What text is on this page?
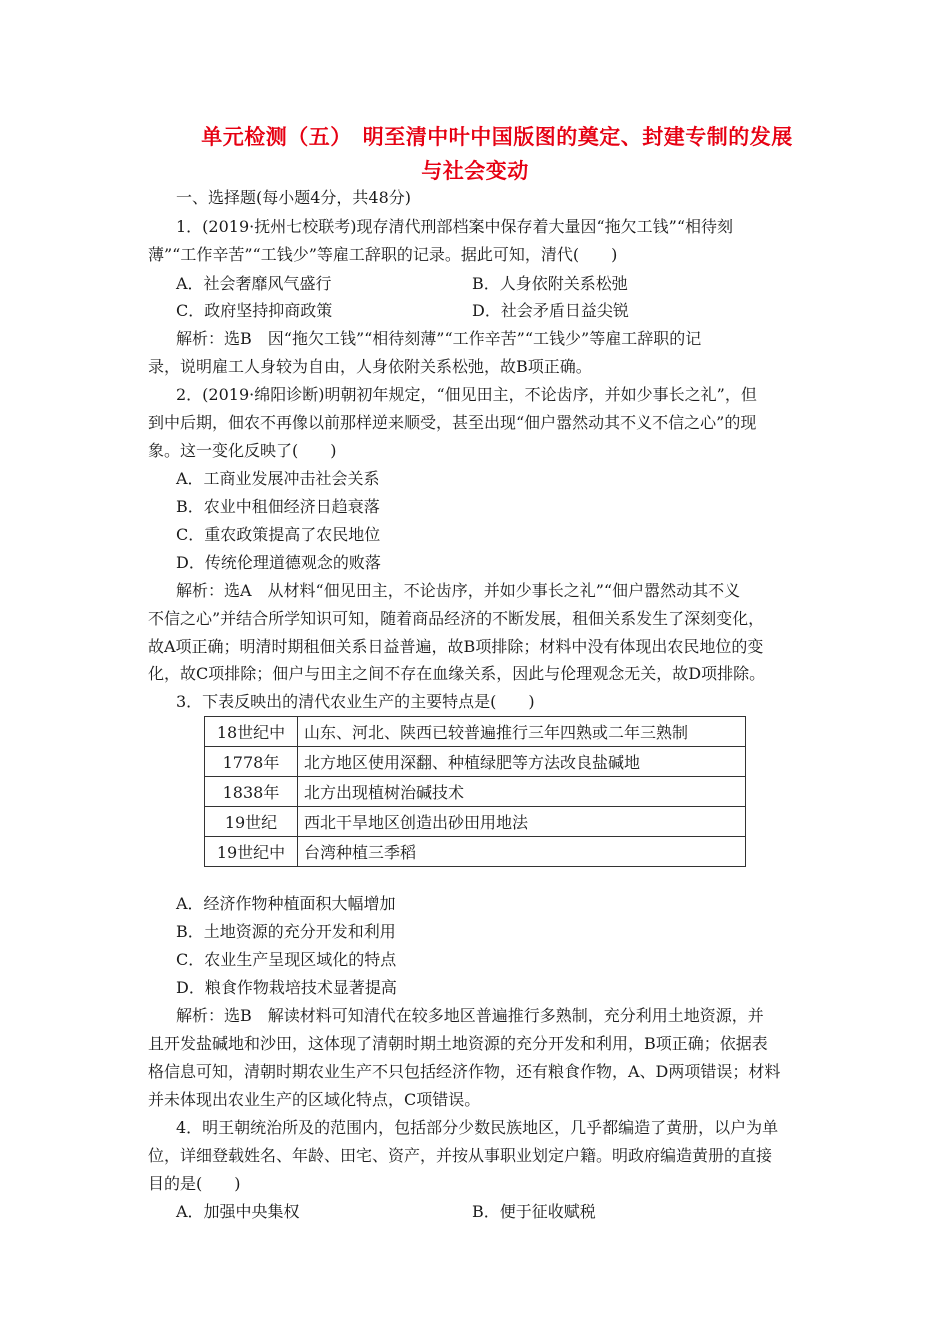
单元检测（五）　明至清中叶中国版图的奠定、封建专制的发展
与社会变动
一、选择题(每小题4分，共48分)
1．(2019·抚州七校联考)现存清代刑部档案中保存着大量因“拖欠工钱”“相待刻
薄”“工作辛苦”“工钱少”等雇工辞职的记录。据此可知，清代(　　)
A．社会奢靡风气盛行	B．人身依附关系松弛
C．政府坚持抑商政策	D．社会矛盾日益尖锐
解析：选B　因“拖欠工钱”“相待刻薄”“工作辛苦”“工钱少”等雇工辞职的记
录，说明雇工人身较为自由，人身依附关系松弛，故B项正确。
2．(2019·绵阳诊断)明朝初年规定，“佃见田主，不论齿序，并如少事长之礼”，但
到中后期，佃农不再像以前那样逆来顺受，甚至出现“佃户嚣然动其不义不信之心”的现
象。这一变化反映了(　　)
A．工商业发展冲击社会关系
B．农业中租佃经济日趋衰落
C．重农政策提高了农民地位
D．传统伦理道德观念的败落
解析：选A　从材料“佃见田主，不论齿序，并如少事长之礼”“佃户嚣然动其不义
不信之心”并结合所学知识可知，随着商品经济的不断发展，租佃关系发生了深刻变化，
故A项正确；明清时期租佃关系日益普遍，故B项排除；材料中没有体现出农民地位的变
化，故C项排除；佃户与田主之间不存在血缘关系，因此与伦理观念无关，故D项排除。
3．下表反映出的清代农业生产的主要特点是(　　)
18世纪中	山东、河北、陕西已较普遍推行三年四熟或二年三熟制
1778年	北方地区使用深翻、种植绿肥等方法改良盐碱地
1838年	北方出现植树治碱技术
19世纪	西北干旱地区创造出砂田用地法
19世纪中	台湾种植三季稻
A．经济作物种植面积大幅增加
B．土地资源的充分开发和利用
C．农业生产呈现区域化的特点
D．粮食作物栽培技术显著提高
解析：选B　解读材料可知清代在较多地区普遍推行多熟制，充分利用土地资源，并
且开发盐碱地和沙田，这体现了清朝时期土地资源的充分开发和利用，B项正确；依据表
格信息可知，清朝时期农业生产不只包括经济作物，还有粮食作物，A、D两项错误；材料
并未体现出农业生产的区域化特点，C项错误。
4．明王朝统治所及的范围内，包括部分少数民族地区，几乎都编造了黄册，以户为单
位，详细登载姓名、年龄、田宅、资产，并按从事职业划定户籍。明政府编造黄册的直接
目的是(　　)
A．加强中央集权	B．便于征收赋税
